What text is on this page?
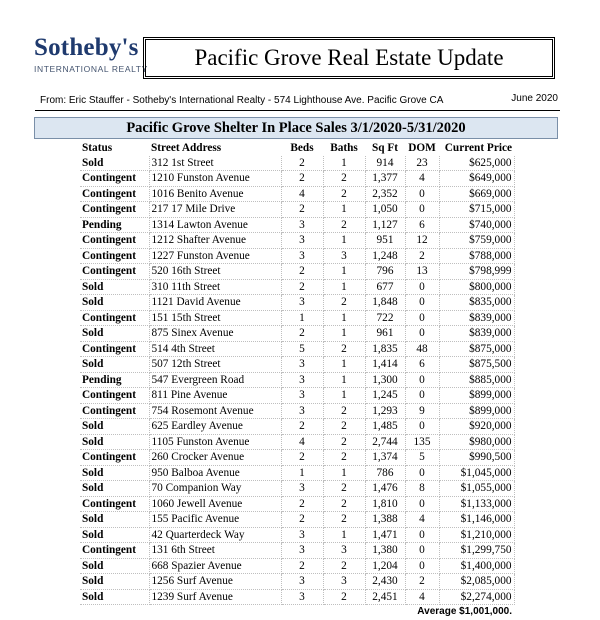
Sotheby's
INTERNATIONAL REALTY Pacific Grove Real Estate Update
From: Eric Stauffer - Sotheby's International Realty - 574 Lighthouse Ave. Pacific Grove CA	June 2020
Pacific Grove Shelter In Place Sales 3/1/2020-5/31/2020
Status	Street Address	Beds	Baths	Sq Ft	DOM	Current Price
Sold	312 1st Street	2	1	914	23	$625,000
Contingent	1210 Funston Avenue	2	2	1,377	4	$649,000
Contingent	1016 Benito Avenue	4	2	2,352	0	$669,000
Contingent	217 17 Mile Drive	2	1	1,050	0	$715,000
Pending	1314 Lawton Avenue	3	2	1,127	6	$740,000
Contingent	1212 Shafter Avenue	3	1	951	12	$759,000
Contingent	1227 Funston Avenue	3	3	1,248	2	$788,000
Contingent	520 16th Street	2	1	796	13	$798,999
Sold	310 11th Street	2	1	677	0	$800,000
Sold	1121 David Avenue	3	2	1,848	0	$835,000
Contingent	151 15th Street	1	1	722	0	$839,000
Sold	875 Sinex Avenue	2	1	961	0	$839,000
Contingent	514 4th Street	5	2	1,835	48	$875,000
Sold	507 12th Street	3	1	1,414	6	$875,500
Pending	547 Evergreen Road	3	1	1,300	0	$885,000
Contingent	811 Pine Avenue	3	1	1,245	0	$899,000
Contingent	754 Rosemont Avenue	3	2	1,293	9	$899,000
Sold	625 Eardley Avenue	2	2	1,485	0	$920,000
Sold	1105 Funston Avenue	4	2	2,744	135	$980,000
Contingent	260 Crocker Avenue	2	2	1,374	5	$990,500
Sold	950 Balboa Avenue	1	1	786	0	$1,045,000
Sold	70 Companion Way	3	2	1,476	8	$1,055,000
Contingent	1060 Jewell Avenue	2	2	1,810	0	$1,133,000
Sold	155 Pacific Avenue	2	2	1,388	4	$1,146,000
Sold	42 Quarterdeck Way	3	1	1,471	0	$1,210,000
Contingent	131 6th Street	3	3	1,380	0	$1,299,750
Sold	668 Spazier Avenue	2	2	1,204	0	$1,400,000
Sold	1256 Surf Avenue	3	3	2,430	2	$2,085,000
Sold	1239 Surf Avenue	3	2	2,451	4	$2,274,000
Average $1,001,000.						
